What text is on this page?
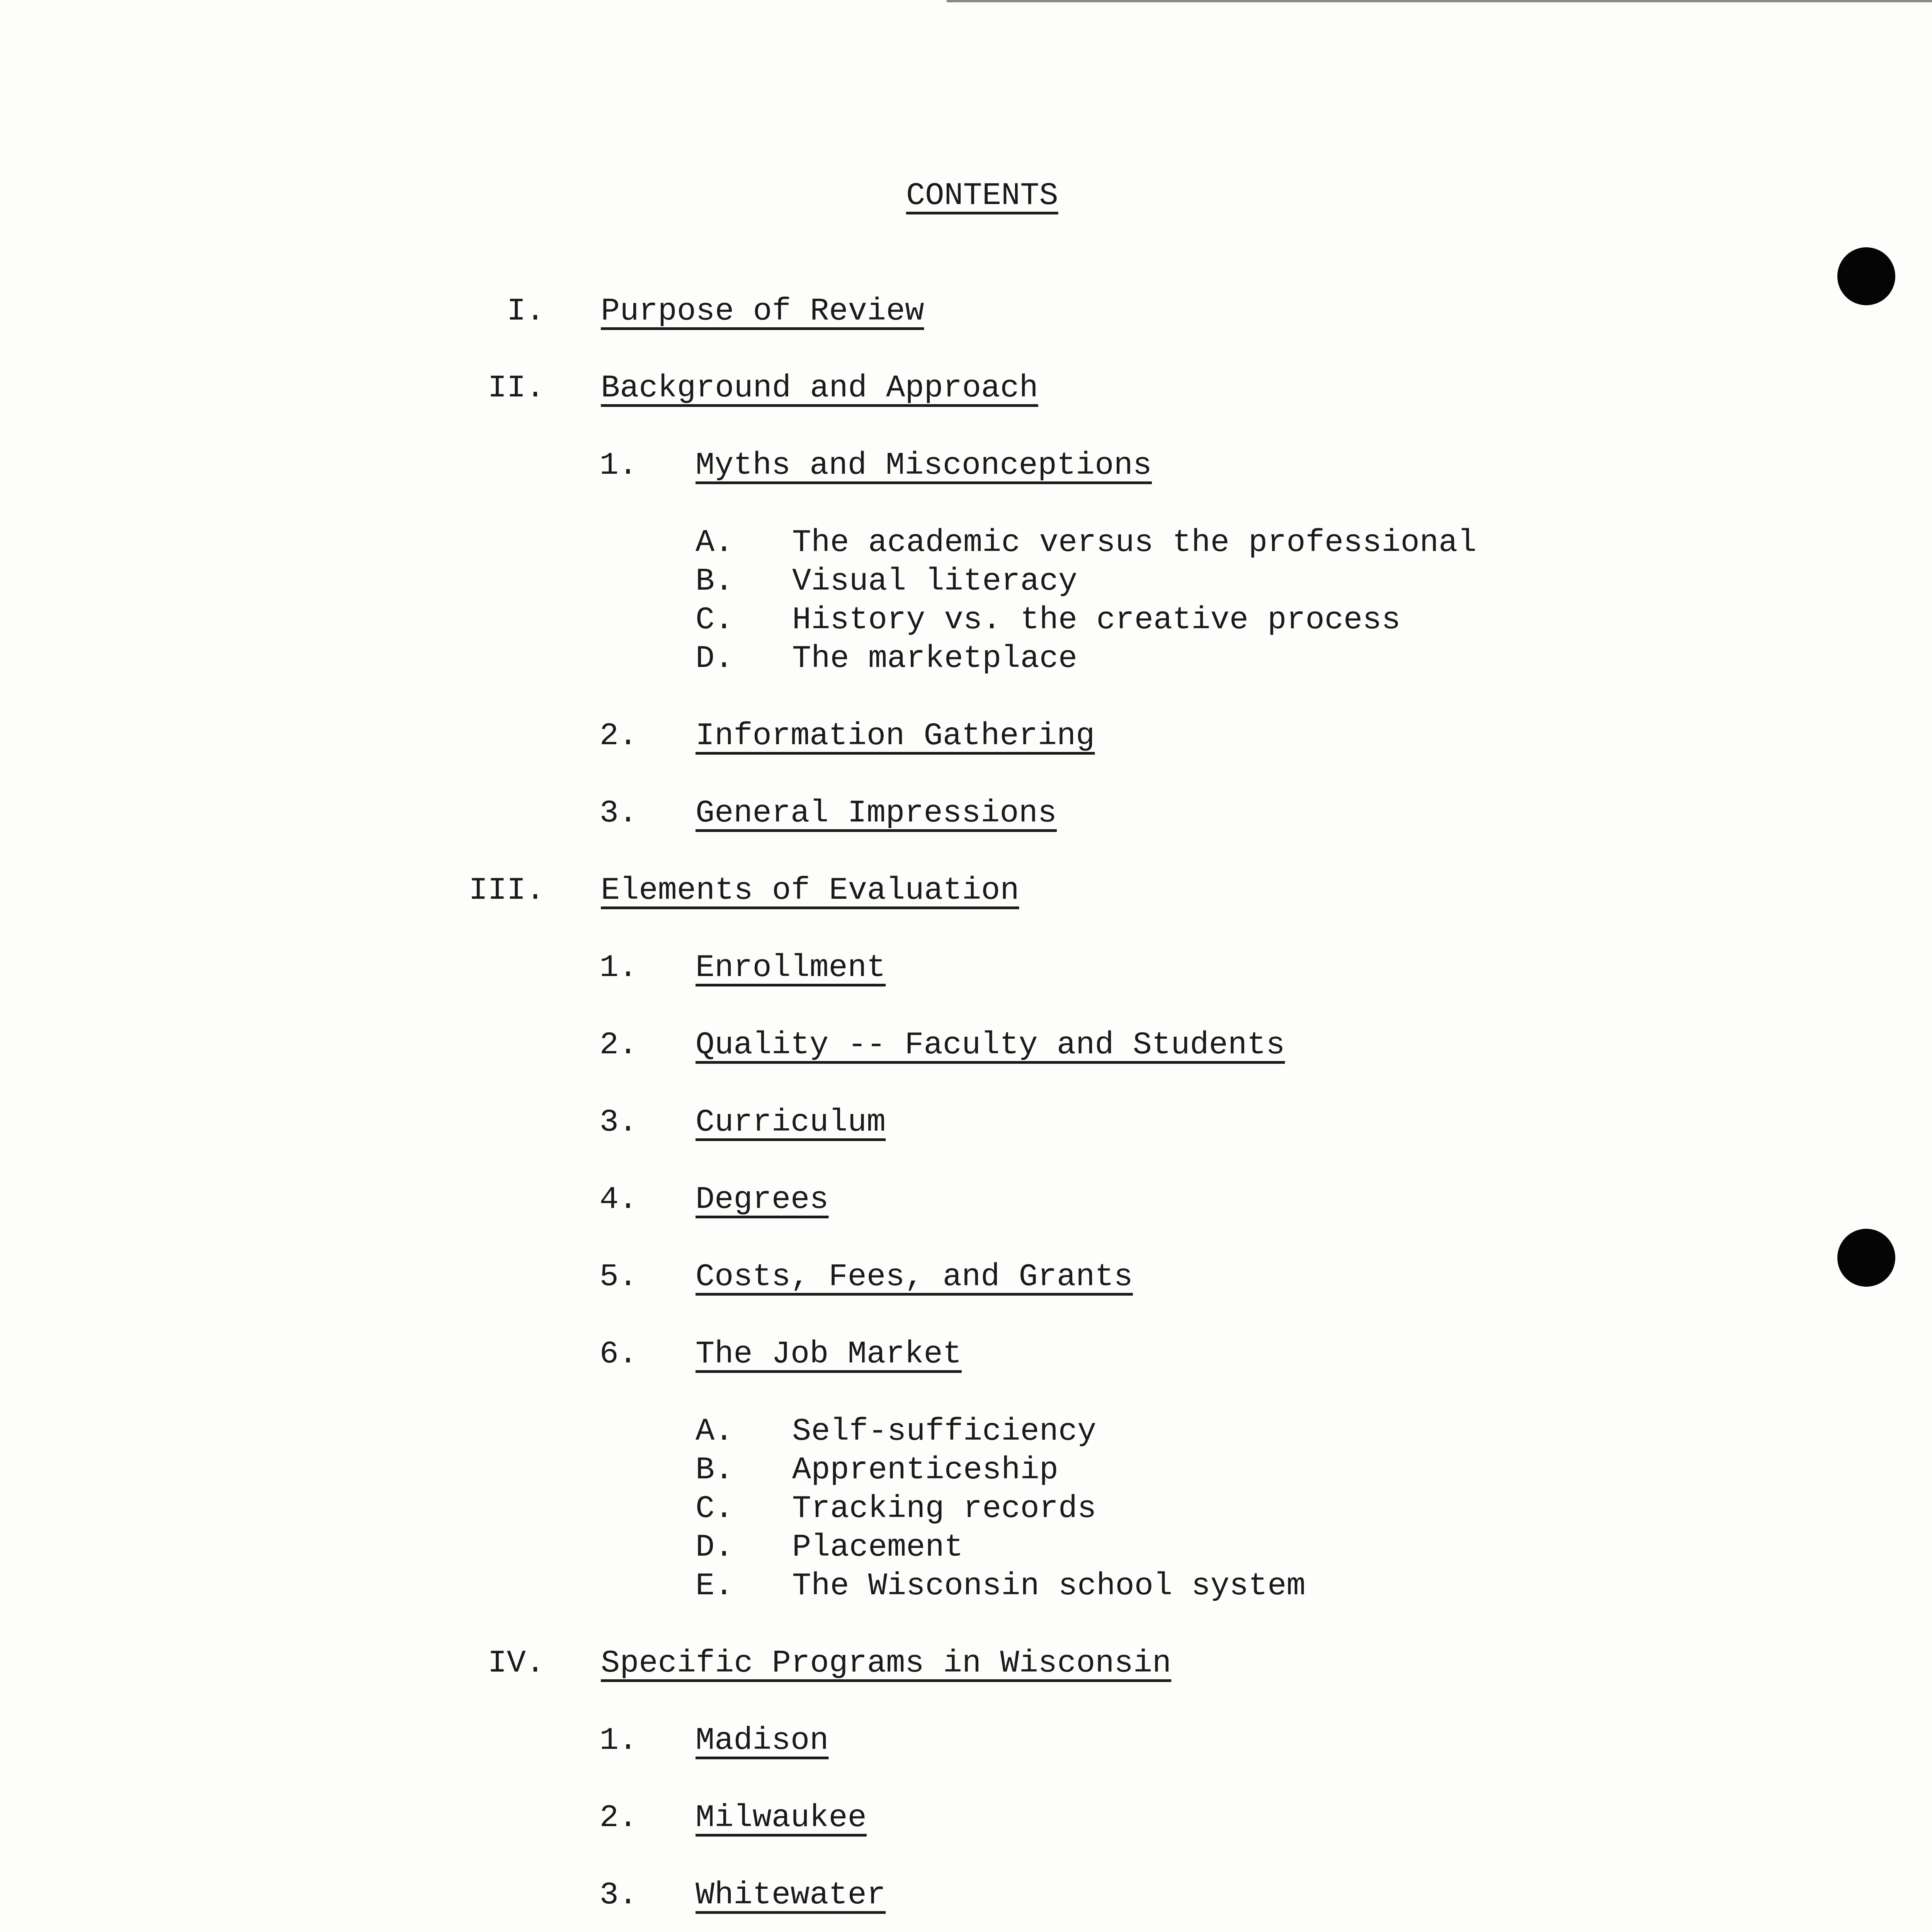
CONTENTS
I. Purpose of Review
II. Background and Approach
1. Myths and Misconceptions
A. The academic versus the professional
B. Visual literacy
C. History vs. the creative process
D. The marketplace
2. Information Gathering
3. General Impressions
III. Elements of Evaluation
1. Enrollment
2. Quality -- Faculty and Students
3. Curriculum
4. Degrees
5. Costs, Fees, and Grants
6. The Job Market
A. Self-sufficiency
B. Apprenticeship
C. Tracking records
D. Placement
E. The Wisconsin school system
IV. Specific Programs in Wisconsin
1. Madison
2. Milwaukee
3. Whitewater
